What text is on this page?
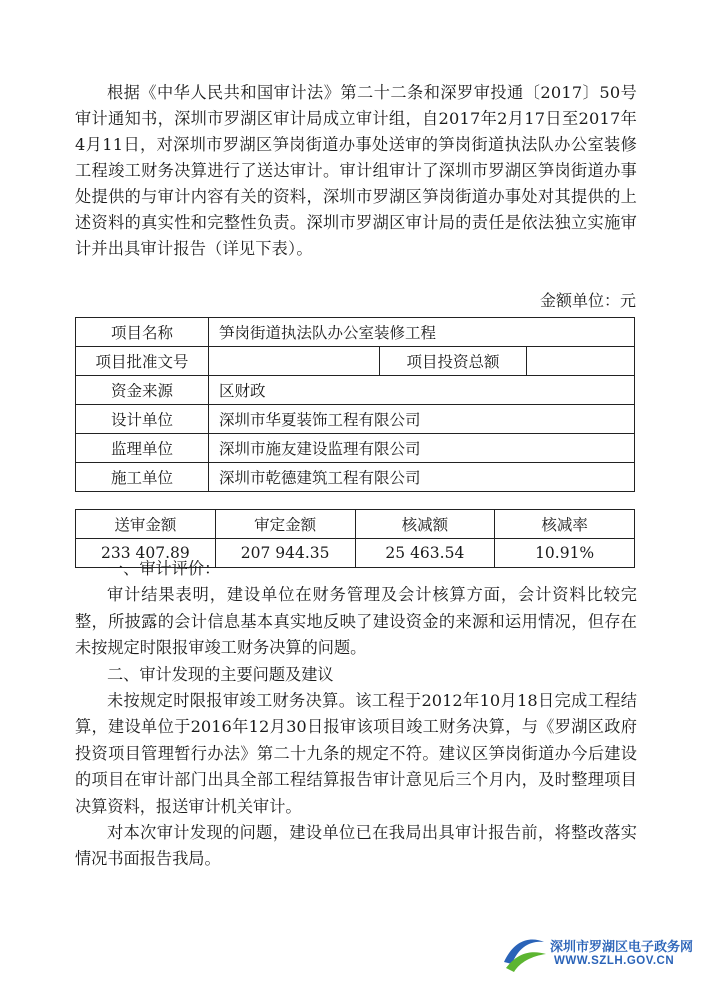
根据《中华人民共和国审计法》第二十二条和深罗审投通〔2017〕50号审计通知书，深圳市罗湖区审计局成立审计组，自2017年2月17日至2017年4月11日，对深圳市罗湖区笋岗街道办事处送审的笋岗街道执法队办公室装修工程竣工财务决算进行了送达审计。审计组审计了深圳市罗湖区笋岗街道办事处提供的与审计内容有关的资料，深圳市罗湖区笋岗街道办事处对其提供的上述资料的真实性和完整性负责。深圳市罗湖区审计局的责任是依法独立实施审计并出具审计报告（详见下表）。

金额单位：元
项目名称	笋岗街道执法队办公室装修工程		
项目批准文号		项目投资总额	
资金来源	区财政		
设计单位	深圳市华夏装饰工程有限公司		
监理单位	深圳市施友建设监理有限公司		
施工单位	深圳市乾德建筑工程有限公司		
送审金额	审定金额	核减额	核减率
233 407.89	207 944.35	25 463.54	10.91%

一、审计评价：

审计结果表明，建设单位在财务管理及会计核算方面，会计资料比较完整，所披露的会计信息基本真实地反映了建设资金的来源和运用情况，但存在未按规定时限报审竣工财务决算的问题。

二、审计发现的主要问题及建议

未按规定时限报审竣工财务决算。该工程于2012年10月18日完成工程结算，建设单位于2016年12月30日报审该项目竣工财务决算，与《罗湖区政府投资项目管理暂行办法》第二十九条的规定不符。建议区笋岗街道办今后建设的项目在审计部门出具全部工程结算报告审计意见后三个月内，及时整理项目决算资料，报送审计机关审计。

对本次审计发现的问题，建设单位已在我局出具审计报告前，将整改落实情况书面报告我局。

深圳市罗湖区电子政务网
WWW.SZLH.GOV.CN
